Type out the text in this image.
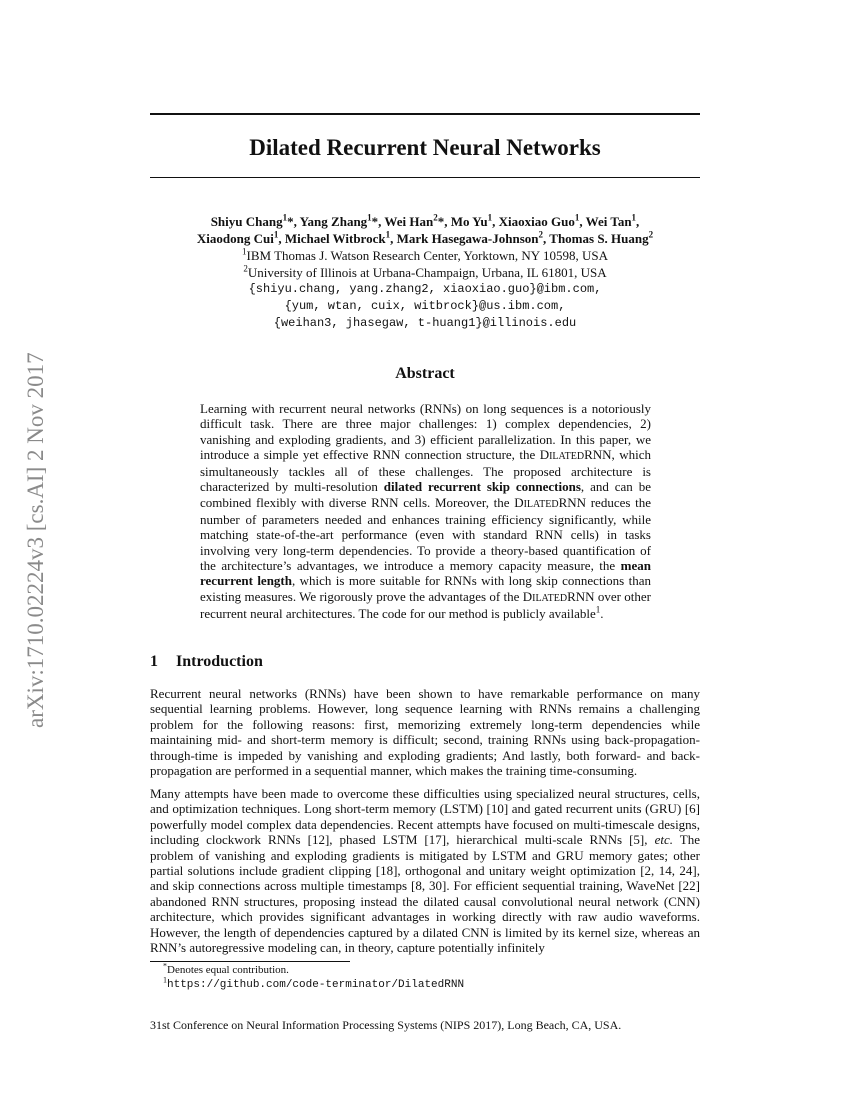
arXiv:1710.02224v3 [cs.AI] 2 Nov 2017
Dilated Recurrent Neural Networks
Shiyu Chang$^1$*, Yang Zhang$^1$*, Wei Han$^2$*, Mo Yu$^1$, Xiaoxiao Guo$^1$, Wei Tan$^1$,
Xiaodong Cui$^1$, Michael Witbrock$^1$, Mark Hasegawa-Johnson$^2$, Thomas S. Huang$^2$
$^1$IBM Thomas J. Watson Research Center, Yorktown, NY 10598, USA
$^2$University of Illinois at Urbana-Champaign, Urbana, IL 61801, USA
{shiyu.chang, yang.zhang2, xiaoxiao.guo}@ibm.com,
{yum, wtan, cuix, witbrock}@us.ibm.com,
{weihan3, jhasegaw, t-huang1}@illinois.edu
Abstract

Learning with recurrent neural networks (RNNs) on long sequences is a notoriously difficult task. There are three major challenges: 1) complex dependencies, 2) vanishing and exploding gradients, and 3) efficient parallelization. In this paper, we introduce a simple yet effective RNN connection structure, the DILATEDRNN, which simultaneously tackles all of these challenges. The proposed architecture is characterized by multi-resolution dilated recurrent skip connections, and can be combined flexibly with diverse RNN cells. Moreover, the DILATEDRNN reduces the number of parameters needed and enhances training efficiency significantly, while matching state-of-the-art performance (even with standard RNN cells) in tasks involving very long-term dependencies. To provide a theory-based quantification of the architecture’s advantages, we introduce a memory capacity measure, the mean recurrent length, which is more suitable for RNNs with long skip connections than existing measures. We rigorously prove the advantages of the DILATEDRNN over other recurrent neural architectures. The code for our method is publicly available$^1$.

1 Introduction

Recurrent neural networks (RNNs) have been shown to have remarkable performance on many sequential learning problems. However, long sequence learning with RNNs remains a challenging problem for the following reasons: first, memorizing extremely long-term dependencies while maintaining mid- and short-term memory is difficult; second, training RNNs using back-propagation-through-time is impeded by vanishing and exploding gradients; And lastly, both forward- and back-propagation are performed in a sequential manner, which makes the training time-consuming.

Many attempts have been made to overcome these difficulties using specialized neural structures, cells, and optimization techniques. Long short-term memory (LSTM) [10] and gated recurrent units (GRU) [6] powerfully model complex data dependencies. Recent attempts have focused on multi-timescale designs, including clockwork RNNs [12], phased LSTM [17], hierarchical multi-scale RNNs [5], etc. The problem of vanishing and exploding gradients is mitigated by LSTM and GRU memory gates; other partial solutions include gradient clipping [18], orthogonal and unitary weight optimization [2, 14, 24], and skip connections across multiple timestamps [8, 30]. For efficient sequential training, WaveNet [22] abandoned RNN structures, proposing instead the dilated causal convolutional neural network (CNN) architecture, which provides significant advantages in working directly with raw audio waveforms. However, the length of dependencies captured by a dilated CNN is limited by its kernel size, whereas an RNN’s autoregressive modeling can, in theory, capture potentially infinitely

*Denotes equal contribution.
$^1$https://github.com/code-terminator/DilatedRNN
31st Conference on Neural Information Processing Systems (NIPS 2017), Long Beach, CA, USA.
